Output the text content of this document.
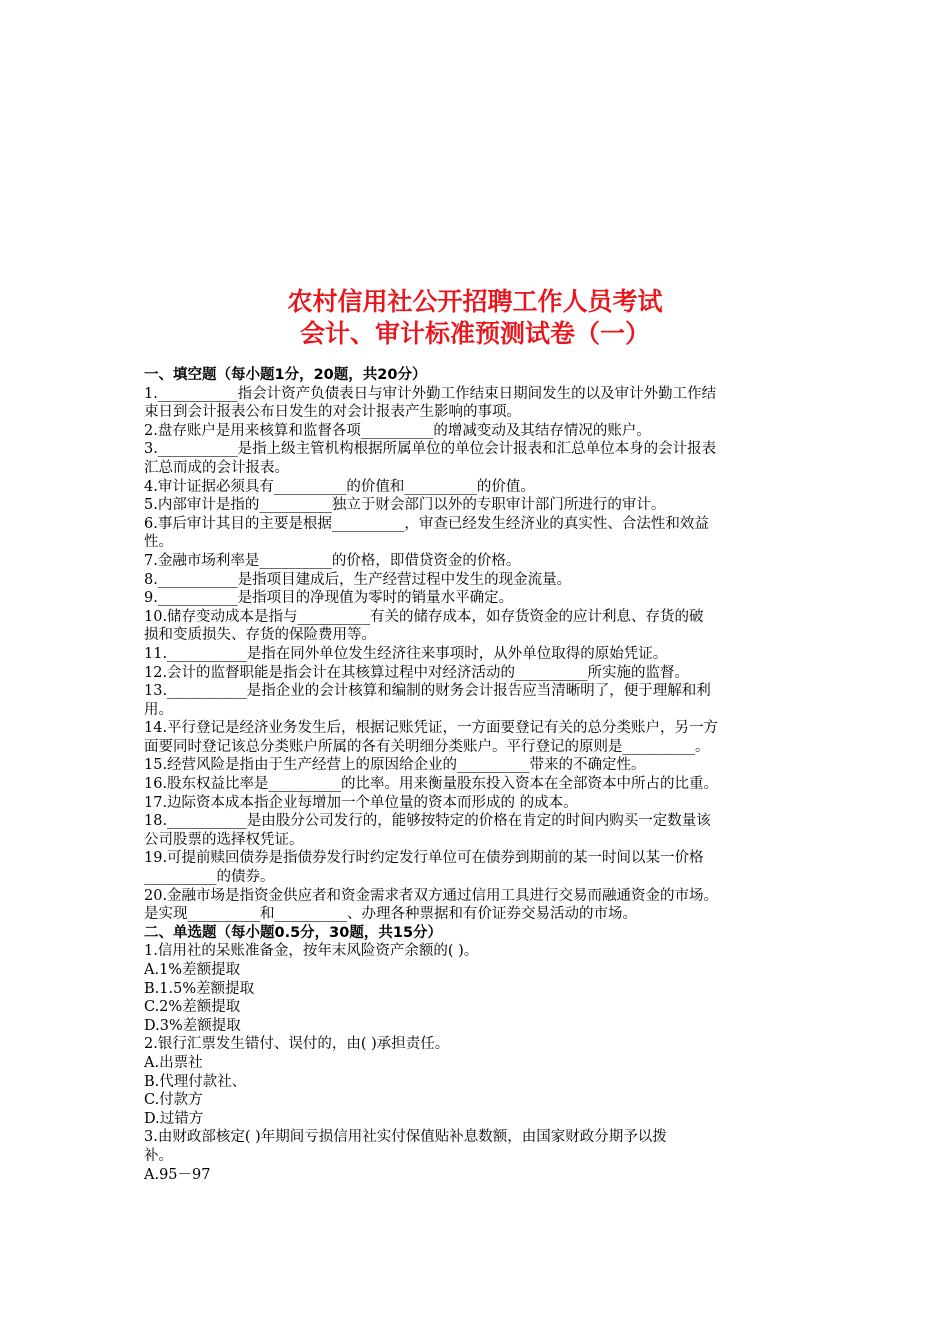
农村信用社公开招聘工作人员考试
会计、审计标准预测试卷（一）
一、填空题（每小题1分，20题，共20分）
1.___________指会计资产负债表日与审计外勤工作结束日期间发生的以及审计外勤工作结
束日到会计报表公布日发生的对会计报表产生影响的事项。
2.盘存账户是用来核算和监督各项__________的增减变动及其结存情况的账户。
3.___________是指上级主管机构根据所属单位的单位会计报表和汇总单位本身的会计报表
汇总而成的会计报表。
4.审计证据必须具有__________的价值和__________的价值。
5.内部审计是指的__________独立于财会部门以外的专职审计部门所进行的审计。
6.事后审计其目的主要是根据__________，审查已经发生经济业的真实性、合法性和效益
性。
7.金融市场利率是__________的价格，即借贷资金的价格。
8.___________是指项目建成后，生产经营过程中发生的现金流量。
9.___________是指项目的净现值为零时的销量水平确定。
10.储存变动成本是指与__________有关的储存成本，如存货资金的应计利息、存货的破
损和变质损失、存货的保险费用等。
11.___________是指在同外单位发生经济往来事项时，从外单位取得的原始凭证。
12.会计的监督职能是指会计在其核算过程中对经济活动的__________所实施的监督。
13.___________是指企业的会计核算和编制的财务会计报告应当清晰明了，便于理解和利
用。
14.平行登记是经济业务发生后，根据记账凭证，一方面要登记有关的总分类账户，另一方
面要同时登记该总分类账户所属的各有关明细分类账户。平行登记的原则是__________。
15.经营风险是指由于生产经营上的原因给企业的__________带来的不确定性。
16.股东权益比率是__________的比率。用来衡量股东投入资本在全部资本中所占的比重。
17.边际资本成本指企业每增加一个单位量的资本而形成的 的成本。
18.___________是由股分公司发行的，能够按特定的价格在肯定的时间内购买一定数量该
公司股票的选择权凭证。
19.可提前赎回债券是指债券发行时约定发行单位可在债券到期前的某一时间以某一价格
__________的债券。
20.金融市场是指资金供应者和资金需求者双方通过信用工具进行交易而融通资金的市场。
是实现__________和__________、办理各种票据和有价证券交易活动的市场。
二、单选题（每小题0.5分，30题，共15分）
1.信用社的呆账准备金，按年末风险资产余额的( )。
A.1%差额提取
B.1.5%差额提取
C.2%差额提取
D.3%差额提取
2.银行汇票发生错付、误付的，由( )承担责任。
A.出票社
B.代理付款社、
C.付款方
D.过错方
3.由财政部核定( )年期间亏损信用社实付保值贴补息数额，由国家财政分期予以拨
补。
A.95－97
